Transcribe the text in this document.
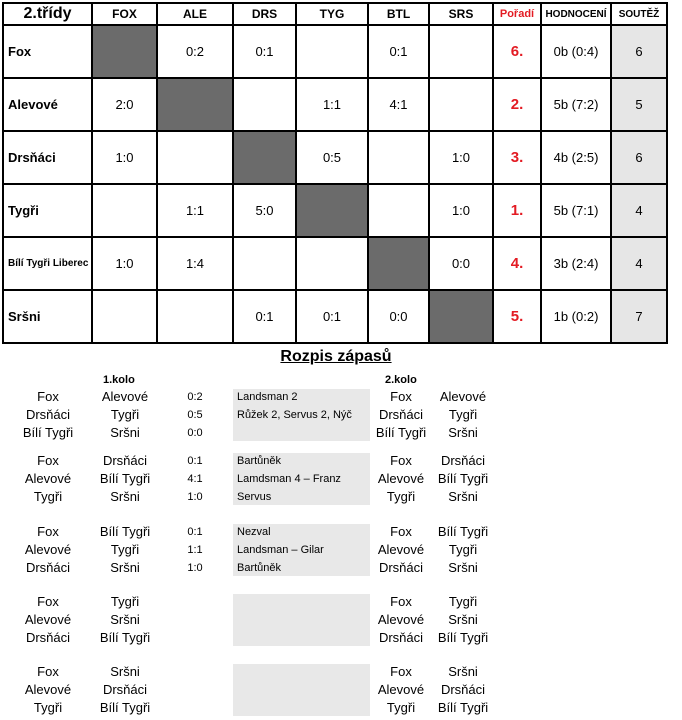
2.třídy	FOX	ALE	DRS	TYG	BTL	SRS	Pořadí	HODNOCENÍ	SOUTĚŽ
Fox		0:2	0:1		0:1		6.	0b (0:4)	6
Alevové	2:0			1:1	4:1		2.	5b (7:2)	5
Drsňáci	1:0			0:5		1:0	3.	4b (2:5)	6
Tygři		1:1	5:0			1:0	1.	5b (7:1)	4
Bílí Tygři Liberec	1:0	1:4				0:0	4.	3b (2:4)	4
Sršni			0:1	0:1	0:0		5.	1b (0:2)	7
Rozpis zápasů
1.kolo	2.kolo
Fox	Alevové	0:2	Landsman 2	Fox	Alevové
Drsňáci	Tygři	0:5	Růžek 2, Servus 2, Nýč	Drsňáci	Tygři
Bílí Tygři	Sršni	0:0	Bílí Tygři	Sršni
Fox	Drsňáci	0:1	Bartůněk	Fox	Drsňáci
Alevové	Bílí Tygři	4:1	Lamdsman 4 – Franz	Alevové	Bílí Tygři
Tygři	Sršni	1:0	Servus	Tygři	Sršni
Fox	Bílí Tygři	0:1	Nezval	Fox	Bílí Tygři
Alevové	Tygři	1:1	Landsman – Gilar	Alevové	Tygři
Drsňáci	Sršni	1:0	Bartůněk	Drsňáci	Sršni
Fox	Tygři	Fox	Tygři
Alevové	Sršni	Alevové	Sršni
Drsňáci	Bílí Tygři	Drsňáci	Bílí Tygři
Fox	Sršni	Fox	Sršni
Alevové	Drsňáci	Alevové	Drsňáci
Tygři	Bílí Tygři	Tygři	Bílí Tygři
